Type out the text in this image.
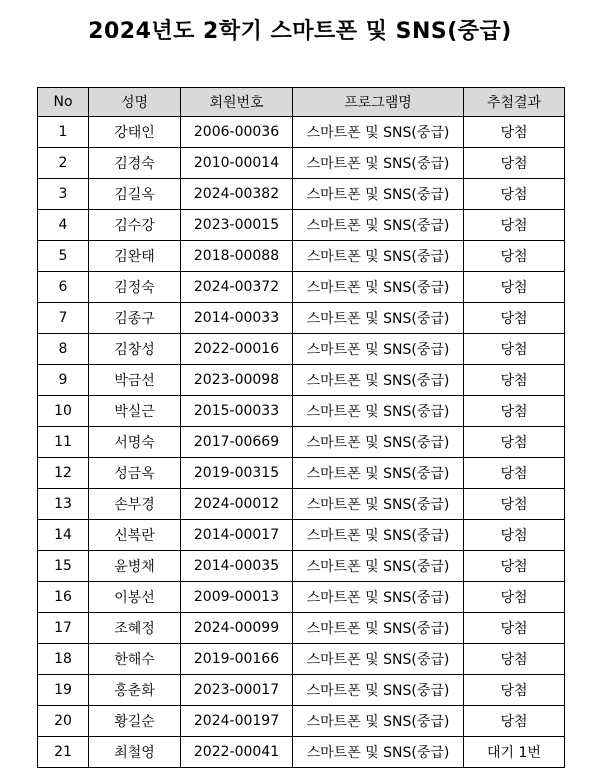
2024년도 2학기 스마트폰 및 SNS(중급)
No	성명	회원번호	프로그램명	추첨결과
1	강태인	2006-00036	스마트폰 및 SNS(중급)	당첨
2	김경숙	2010-00014	스마트폰 및 SNS(중급)	당첨
3	김길옥	2024-00382	스마트폰 및 SNS(중급)	당첨
4	김수강	2023-00015	스마트폰 및 SNS(중급)	당첨
5	김완태	2018-00088	스마트폰 및 SNS(중급)	당첨
6	김정숙	2024-00372	스마트폰 및 SNS(중급)	당첨
7	김종구	2014-00033	스마트폰 및 SNS(중급)	당첨
8	김창성	2022-00016	스마트폰 및 SNS(중급)	당첨
9	박금선	2023-00098	스마트폰 및 SNS(중급)	당첨
10	박실근	2015-00033	스마트폰 및 SNS(중급)	당첨
11	서명숙	2017-00669	스마트폰 및 SNS(중급)	당첨
12	성금옥	2019-00315	스마트폰 및 SNS(중급)	당첨
13	손부경	2024-00012	스마트폰 및 SNS(중급)	당첨
14	신복란	2014-00017	스마트폰 및 SNS(중급)	당첨
15	윤병채	2014-00035	스마트폰 및 SNS(중급)	당첨
16	이봉선	2009-00013	스마트폰 및 SNS(중급)	당첨
17	조혜정	2024-00099	스마트폰 및 SNS(중급)	당첨
18	한해수	2019-00166	스마트폰 및 SNS(중급)	당첨
19	홍춘화	2023-00017	스마트폰 및 SNS(중급)	당첨
20	황길순	2024-00197	스마트폰 및 SNS(중급)	당첨
21	최철영	2022-00041	스마트폰 및 SNS(중급)	대기 1번
